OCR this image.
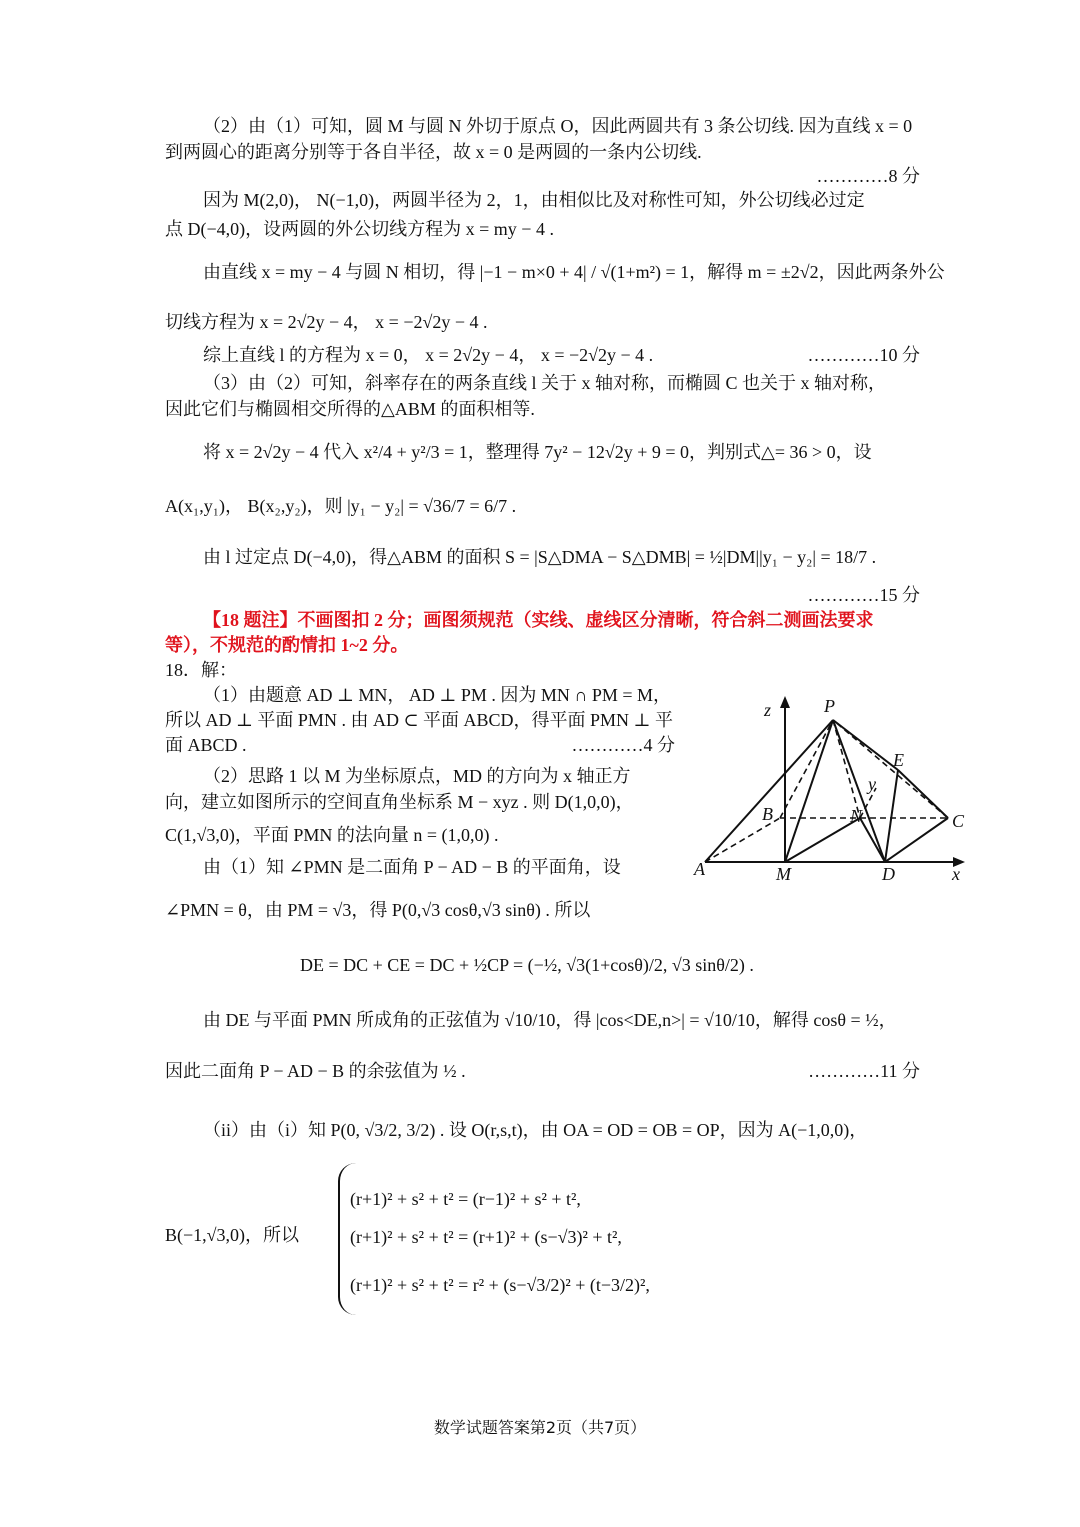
（2）由（1）可知，圆 M 与圆 N 外切于原点 O，因此两圆共有 3 条公切线. 因为直线 x = 0
到两圆心的距离分别等于各自半径，故 x = 0 是两圆的一条内公切线.
…………8 分
因为 M(2,0)， N(−1,0)，两圆半径为 2，1，由相似比及对称性可知，外公切线必过定
点 D(−4,0)，设两圆的外公切线方程为 x = my − 4 .
由直线 x = my − 4 与圆 N 相切，得 |−1 − m×0 + 4| / √(1+m²) = 1，解得 m = ±2√2，因此两条外公
切线方程为 x = 2√2y − 4， x = −2√2y − 4 .
综上直线 l 的方程为 x = 0， x = 2√2y − 4， x = −2√2y − 4 .	…………10 分
（3）由（2）可知，斜率存在的两条直线 l 关于 x 轴对称，而椭圆 C 也关于 x 轴对称，
因此它们与椭圆相交所得的△ABM 的面积相等.
将 x = 2√2y − 4 代入 x²/4 + y²/3 = 1，整理得 7y² − 12√2y + 9 = 0，判别式△= 36 > 0，设
A(x₁,y₁)， B(x₂,y₂)，则 |y₁ − y₂| = √36/7 = 6/7 .
由 l 过定点 D(−4,0)，得△ABM 的面积 S = |S△DMA − S△DMB| = ½|DM||y₁ − y₂| = 18/7 .
…………15 分
【18 题注】不画图扣 2 分；画图须规范（实线、虚线区分清晰，符合斜二测画法要求
等），不规范的酌情扣 1~2 分。
18．解：
（1）由题意 AD ⊥ MN， AD ⊥ PM . 因为 MN ∩ PM = M，
所以 AD ⊥ 平面 PMN . 由 AD ⊂ 平面 ABCD，得平面 PMN ⊥ 平
面 ABCD .	…………4 分
（2）思路 1 以 M 为坐标原点，MD 的方向为 x 轴正方
向，建立如图所示的空间直角坐标系 M − xyz . 则 D(1,0,0)，
C(1,√3,0)，平面 PMN 的法向量 n = (1,0,0) .
由（1）知 ∠PMN 是二面角 P − AD − B 的平面角，设
∠PMN = θ，由 PM = √3，得 P(0,√3 cosθ,√3 sinθ) . 所以
DE = DC + CE = DC + ½CP = (−½, √3(1+cosθ)/2, √3 sinθ/2) .
由 DE 与平面 PMN 所成角的正弦值为 √10/10，得 |cos<DE,n>| = √10/10，解得 cosθ = ½，
因此二面角 P − AD − B 的余弦值为 ½ .	…………11 分
（ii）由（i）知 P(0, √3/2, 3/2) . 设 O(r,s,t)，由 OA = OD = OB = OP，因为 A(−1,0,0)，
B(−1,√3,0)，所以
(r+1)² + s² + t² = (r−1)² + s² + t²,
(r+1)² + s² + t² = (r+1)² + (s−√3)² + t²,
(r+1)² + s² + t² = r² + (s−√3/2)² + (t−3/2)²,
z	P
E
y
B	N	C
A	M	D	x
数学试题答案第2页（共7页）
